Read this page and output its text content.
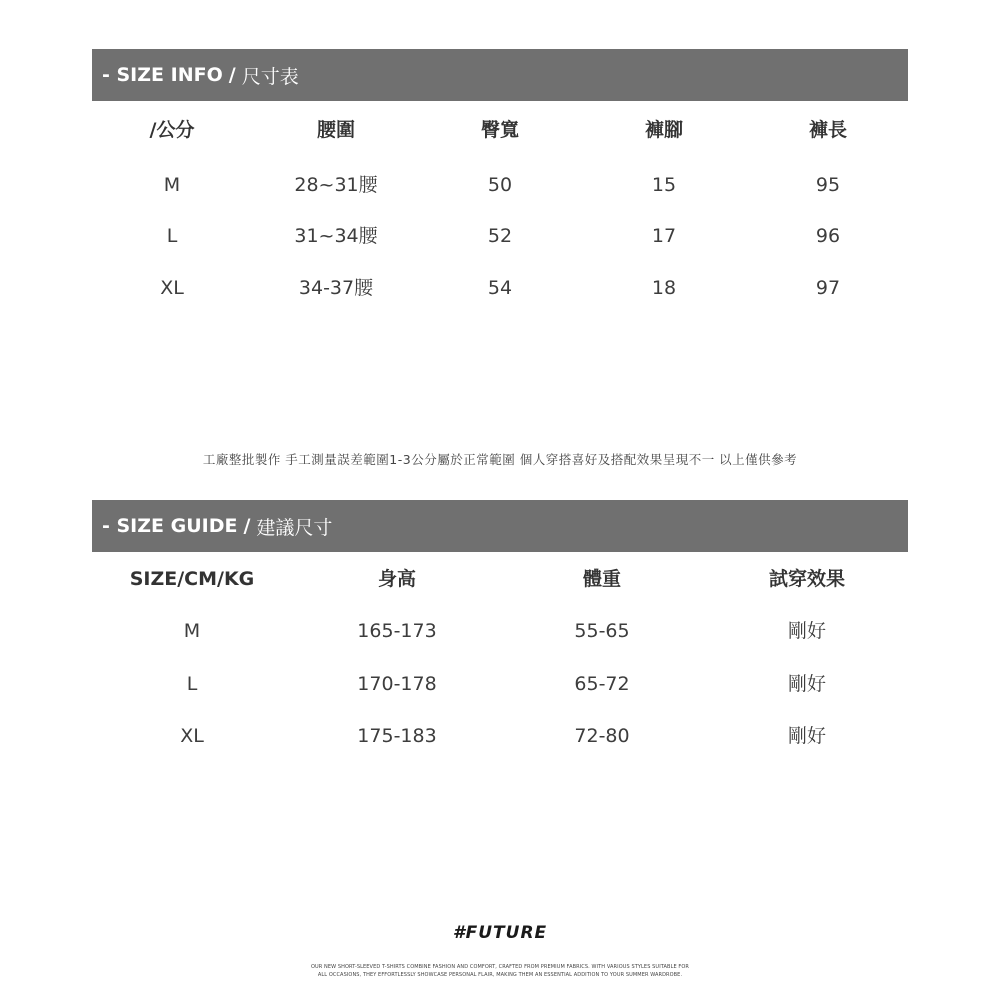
- SIZE INFO / 尺寸表
/公分	腰圍	臀寬	褲腳	褲長
M	28~31腰	50	15	95
L	31~34腰	52	17	96
XL	34-37腰	54	18	97
工廠整批製作 手工測量誤差範圍1-3公分屬於正常範圍 個人穿搭喜好及搭配效果呈現不一 以上僅供參考
- SIZE GUIDE / 建議尺寸
SIZE/CM/KG	身高	體重	試穿效果
M	165-173	55-65	剛好
L	170-178	65-72	剛好
XL	175-183	72-80	剛好
#FUTURE
OUR NEW SHORT-SLEEVED T-SHIRTS COMBINE FASHION AND COMFORT, CRAFTED FROM PREMIUM FABRICS. WITH VARIOUS STYLES SUITABLE FOR
ALL OCCASIONS, THEY EFFORTLESSLY SHOWCASE PERSONAL FLAIR, MAKING THEM AN ESSENTIAL ADDITION TO YOUR SUMMER WARDROBE.
